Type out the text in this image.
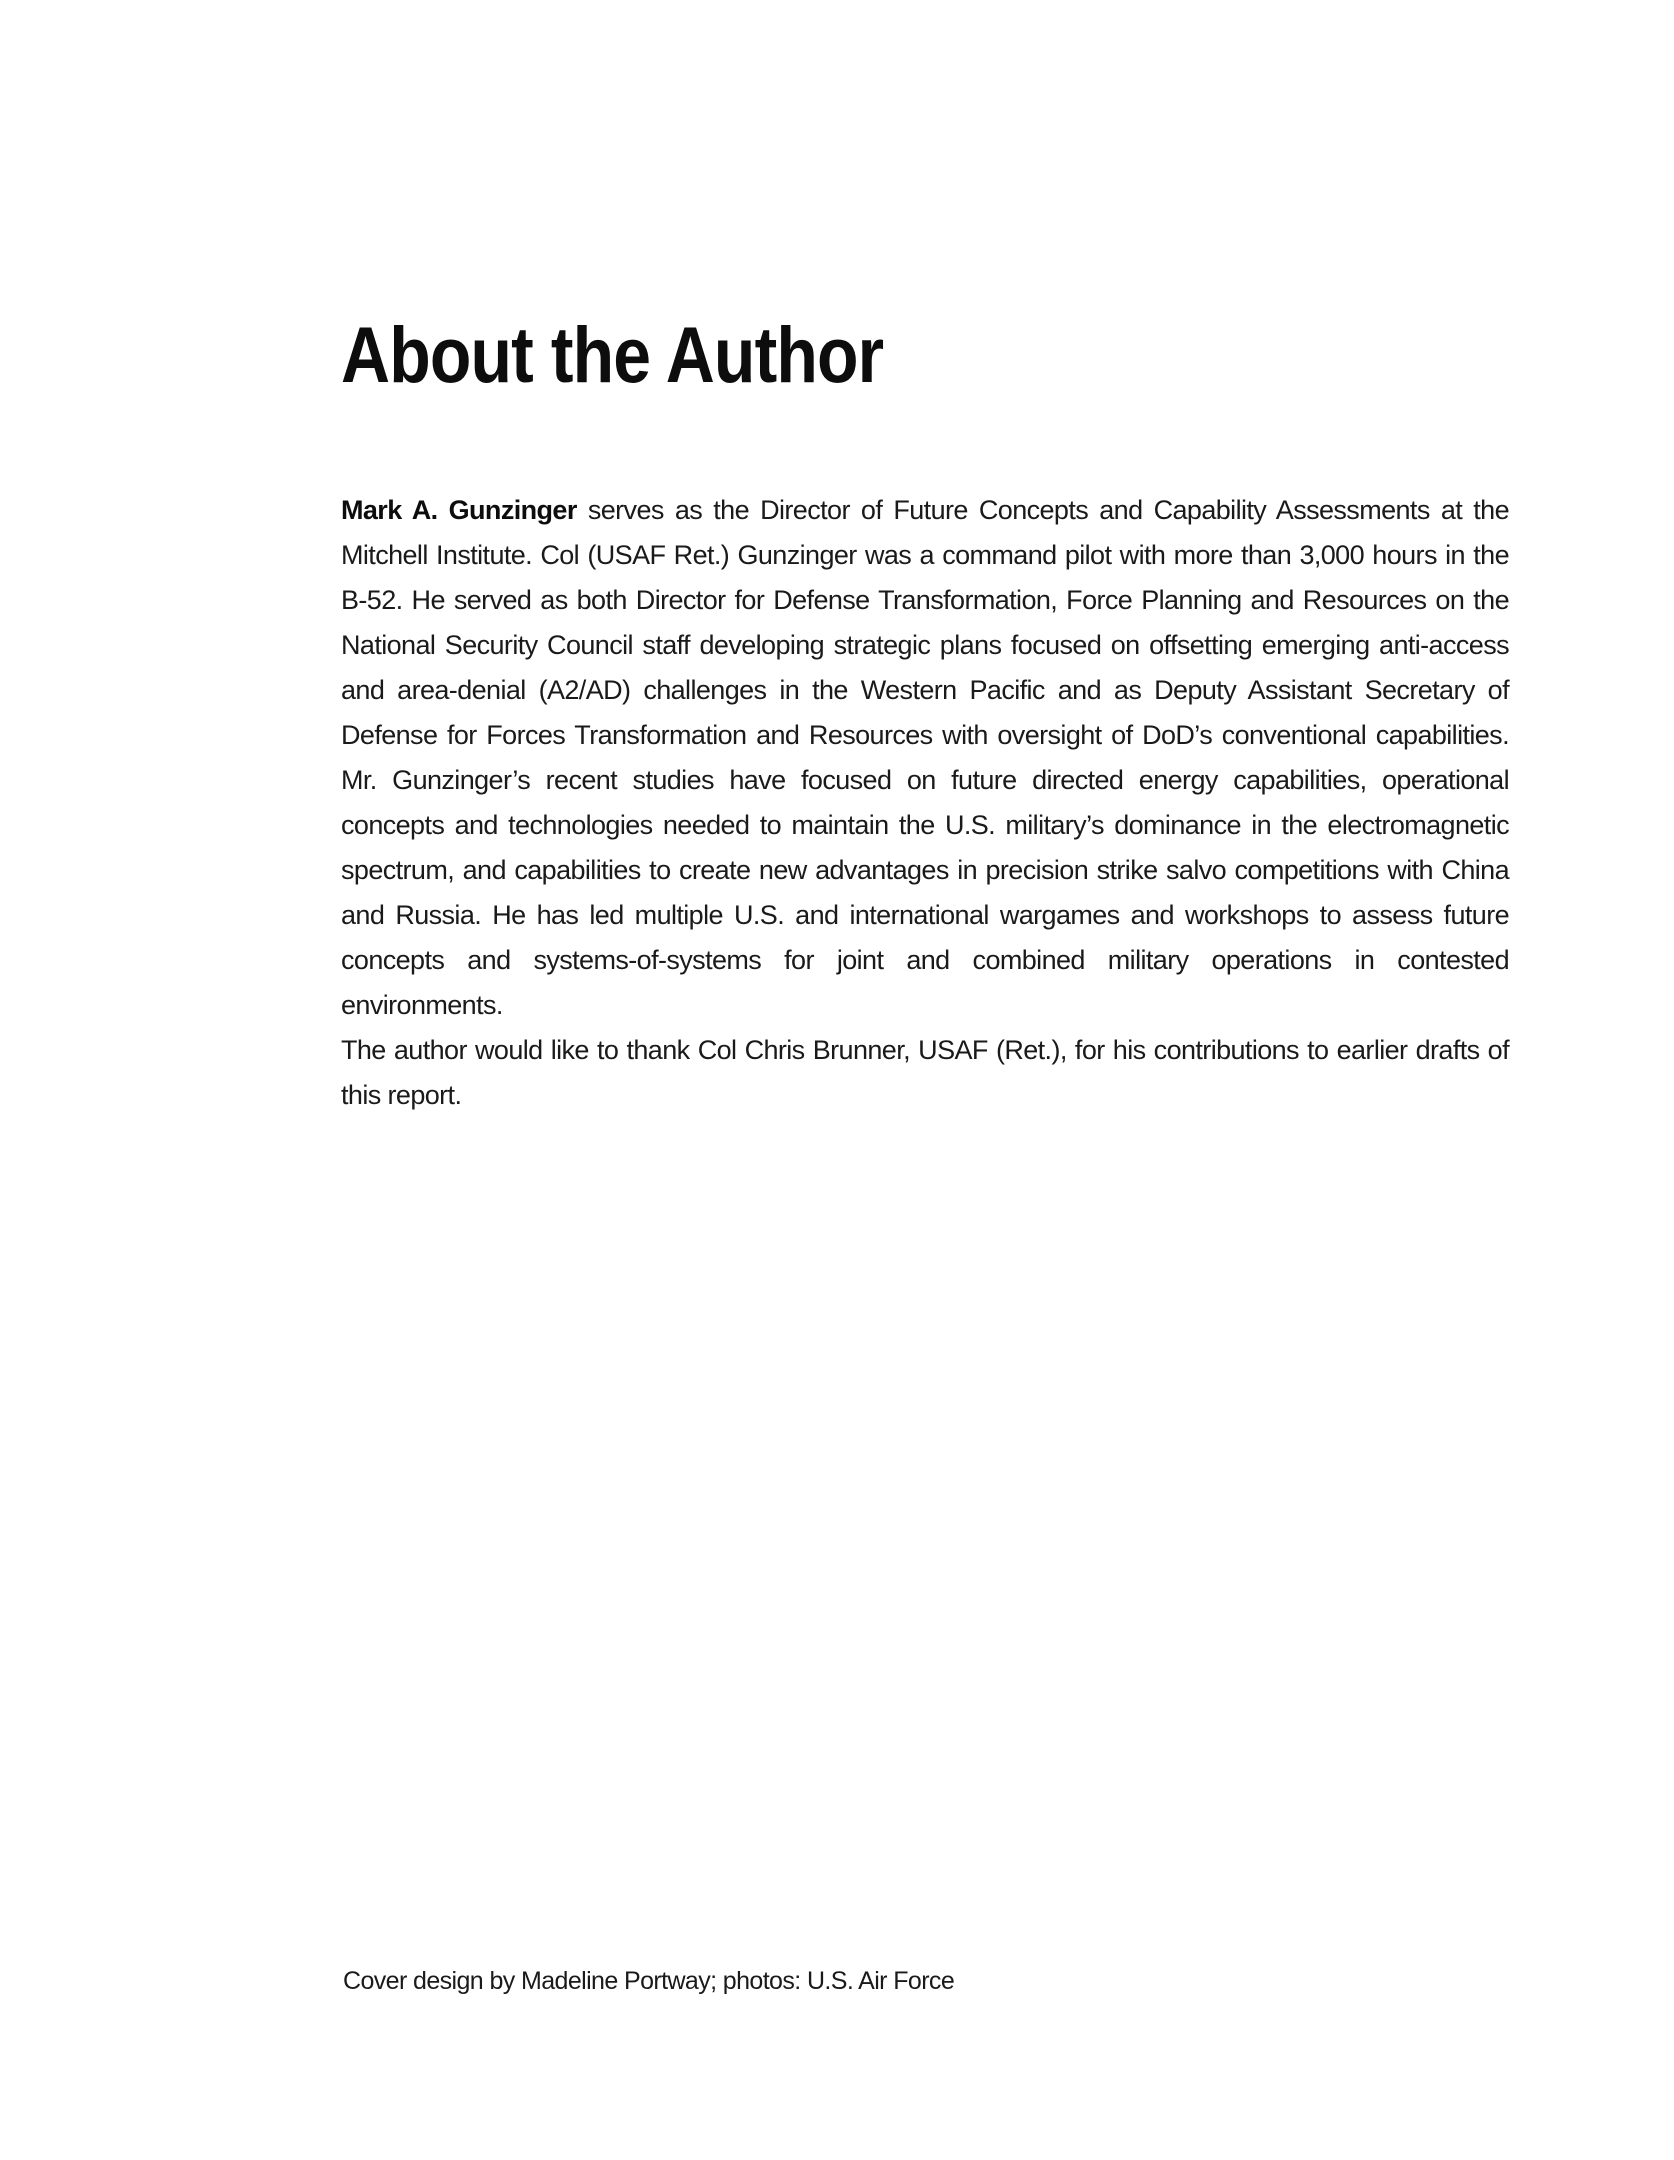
About the Author

Mark A. Gunzinger serves as the Director of Future Concepts and Capability Assessments at the Mitchell Institute. Col (USAF Ret.) Gunzinger was a command pilot with more than 3,000 hours in the B-52. He served as both Director for Defense Transformation, Force Planning and Resources on the National Security Council staff developing strategic plans focused on offsetting emerging anti-access and area-denial (A2/AD) challenges in the Western Pacific and as Deputy Assistant Secretary of Defense for Forces Transformation and Resources with oversight of DoD’s conventional capabilities. Mr. Gunzinger’s recent studies have focused on future directed energy capabilities, operational concepts and technologies needed to maintain the U.S. military’s dominance in the electromagnetic spectrum, and capabilities to create new advantages in precision strike salvo competitions with China and Russia. He has led multiple U.S. and international wargames and workshops to assess future concepts and systems-of-systems for joint and combined military operations in contested environments.

The author would like to thank Col Chris Brunner, USAF (Ret.), for his contributions to earlier drafts of this report.

Cover design by Madeline Portway; photos: U.S. Air Force
